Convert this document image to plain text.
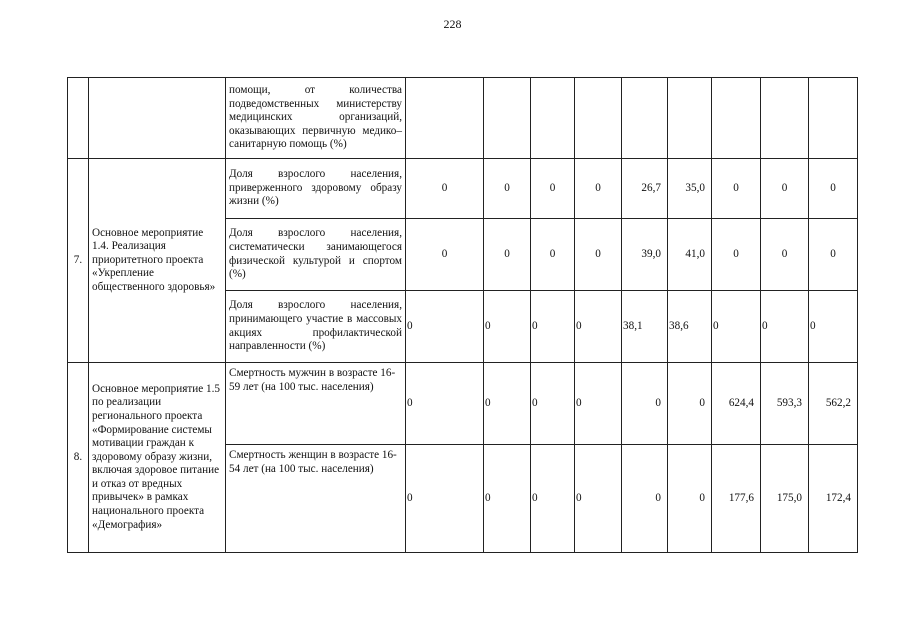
228
		помощи, от количества подведомственных министерству медицинских организаций, оказывающих первичную медико–санитарную помощь (%)									
7.	Основное мероприятие 1.4. Реализация приоритетного проекта «Укрепление общественного здоровья»	Доля взрослого населения, приверженного здоровому образу жизни (%)	0	0	0	0	26,7	35,0	0	0	0
		Доля взрослого населения, систематически занимающегося физической культурой и спортом (%)	0	0	0	0	39,0	41,0	0	0	0
		Доля взрослого населения, принимающего участие в массовых акциях профилактической направленности (%)	0	0	0	0	38,1	38,6	0	0	0
8.	Основное мероприятие 1.5 по реализации регионального проекта «Формирование системы мотивации граждан к здоровому образу жизни, включая здоровое питание и отказ от вредных привычек» в рамках национального проекта «Демография»	Смертность мужчин в возрасте 16-59 лет (на 100 тыс. населения)	0	0	0	0	0	0	624,4	593,3	562,2
		Смертность женщин в возрасте 16-54 лет (на 100 тыс. населения)	0	0	0	0	0	0	177,6	175,0	172,4
